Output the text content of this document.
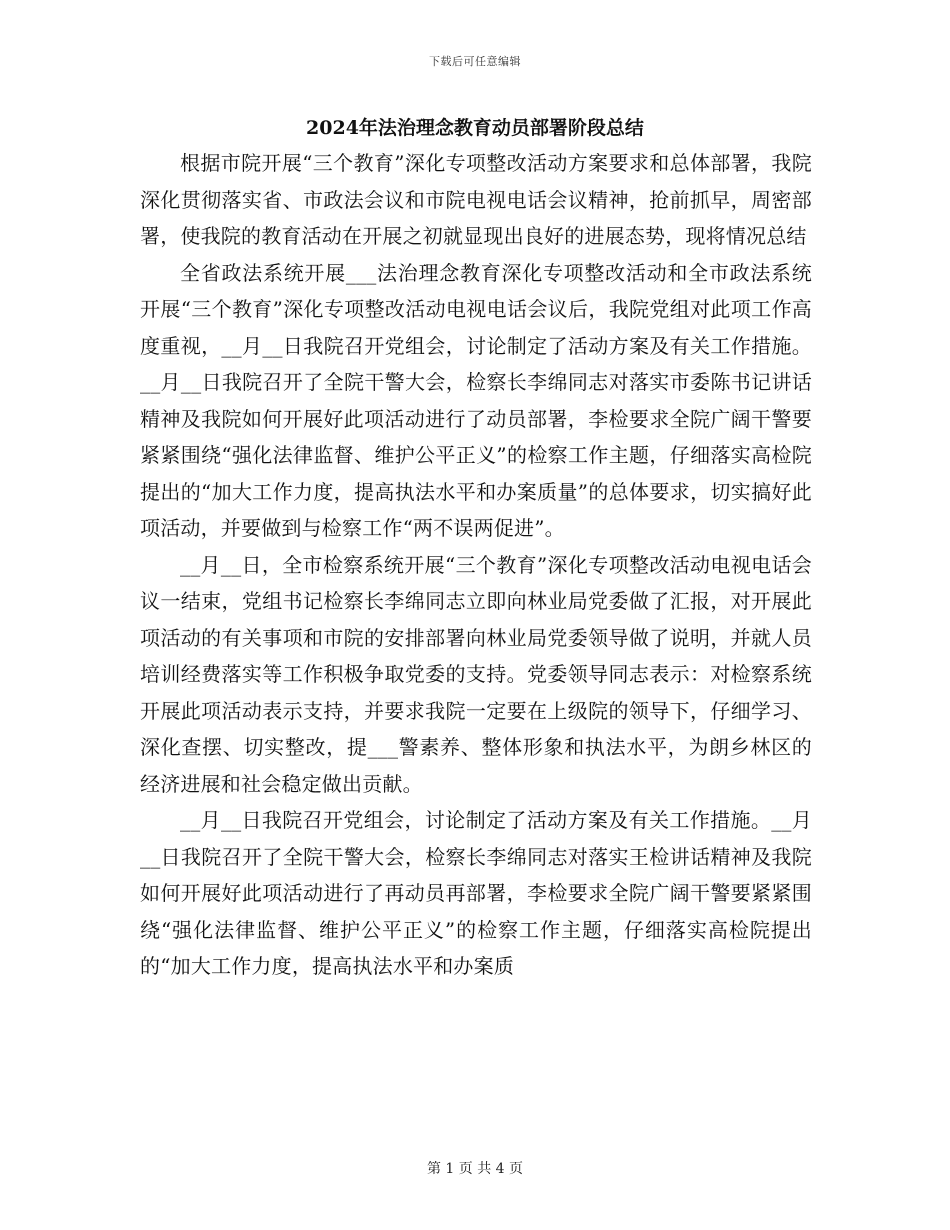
下载后可任意编辑
2024年法治理念教育动员部署阶段总结

根据市院开展“三个教育”深化专项整改活动方案要求和总体部署，我院深化贯彻落实省、市政法会议和市院电视电话会议精神，抢前抓早，周密部署，使我院的教育活动在开展之初就显现出良好的进展态势，现将情况总结

全省政法系统开展___法治理念教育深化专项整改活动和全市政法系统开展“三个教育”深化专项整改活动电视电话会议后，我院党组对此项工作高度重视，__月__日我院召开党组会，讨论制定了活动方案及有关工作措施。__月__日我院召开了全院干警大会，检察长李绵同志对落实市委陈书记讲话精神及我院如何开展好此项活动进行了动员部署，李检要求全院广阔干警要紧紧围绕“强化法律监督、维护公平正义”的检察工作主题，仔细落实高检院提出的“加大工作力度，提高执法水平和办案质量”的总体要求，切实搞好此项活动，并要做到与检察工作“两不误两促进”。

__月__日，全市检察系统开展“三个教育”深化专项整改活动电视电话会议一结束，党组书记检察长李绵同志立即向林业局党委做了汇报，对开展此项活动的有关事项和市院的安排部署向林业局党委领导做了说明，并就人员培训经费落实等工作积极争取党委的支持。党委领导同志表示：对检察系统开展此项活动表示支持，并要求我院一定要在上级院的领导下，仔细学习、深化查摆、切实整改，提___警素养、整体形象和执法水平，为朗乡林区的经济进展和社会稳定做出贡献。

__月__日我院召开党组会，讨论制定了活动方案及有关工作措施。__月__日我院召开了全院干警大会，检察长李绵同志对落实王检讲话精神及我院如何开展好此项活动进行了再动员再部署，李检要求全院广阔干警要紧紧围绕“强化法律监督、维护公平正义”的检察工作主题，仔细落实高检院提出的“加大工作力度，提高执法水平和办案质

第 1 页 共 4 页
